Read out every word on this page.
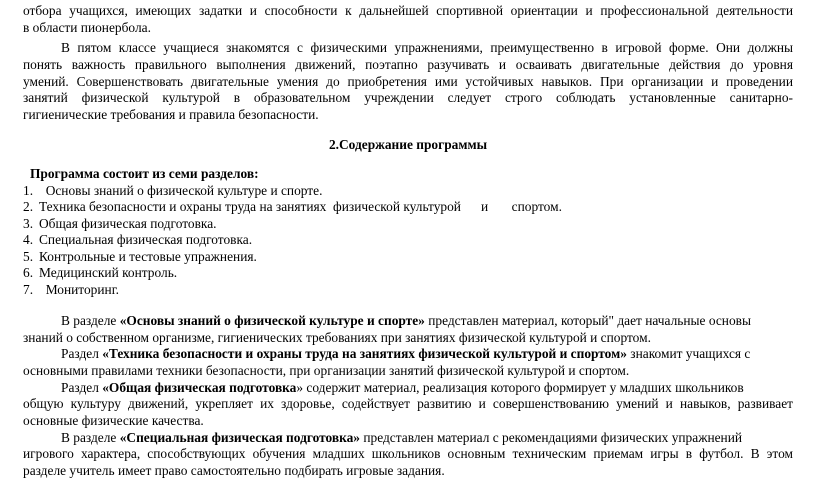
отбора учащихся, имеющих задатки и способности к дальнейшей спортивной ориентации и профессиональной деятельности
в области пионербола.
В пятом классе учащиеся знакомятся с физическими упражнениями, преимущественно в игровой форме. Они должны
понять важность правильного выполнения движений, поэтапно разучивать и осваивать двигательные действия до уровня
умений. Совершенствовать двигательные умения до приобретения ими устойчивых навыков. При организации и проведении
занятий физической культурой в образовательном учреждении следует строго соблюдать установленные санитарно-
гигиенические требования и правила безопасности.
2.Содержание программы
Программа состоит из семи разделов:
1.  Основы знаний о физической культуре и спорте.
2. Техника безопасности и охраны труда на занятиях  физической культурой      и       спортом.
3. Общая физическая подготовка.
4. Специальная физическая подготовка.
5. Контрольные и тестовые упражнения.
6. Медицинский контроль.
7.  Мониторинг.
В разделе «Основы знаний о физической культуре и спорте» представлен материал, который" дает начальные основы
знаний о собственном организме, гигиенических требованиях при занятиях физической культурой и спортом.
Раздел «Техника безопасности и охраны труда на занятиях физической культурой и спортом» знакомит учащихся с
основными правилами техники безопасности, при организации занятий физической культурой и спортом.
Раздел «Общая физическая подготовка» содержит материал, реализация которого формирует у младших школьников
общую культуру движений, укрепляет их здоровье, содействует развитию и совершенствованию умений и навыков, развивает
основные физические качества.
В разделе «Специальная физическая подготовка» представлен материал с рекомендациями физических упражнений
игрового характера, способствующих обучения младших школьников основным техническим приемам игры в футбол. В этом
разделе учитель имеет право самостоятельно подбирать игровые задания.
